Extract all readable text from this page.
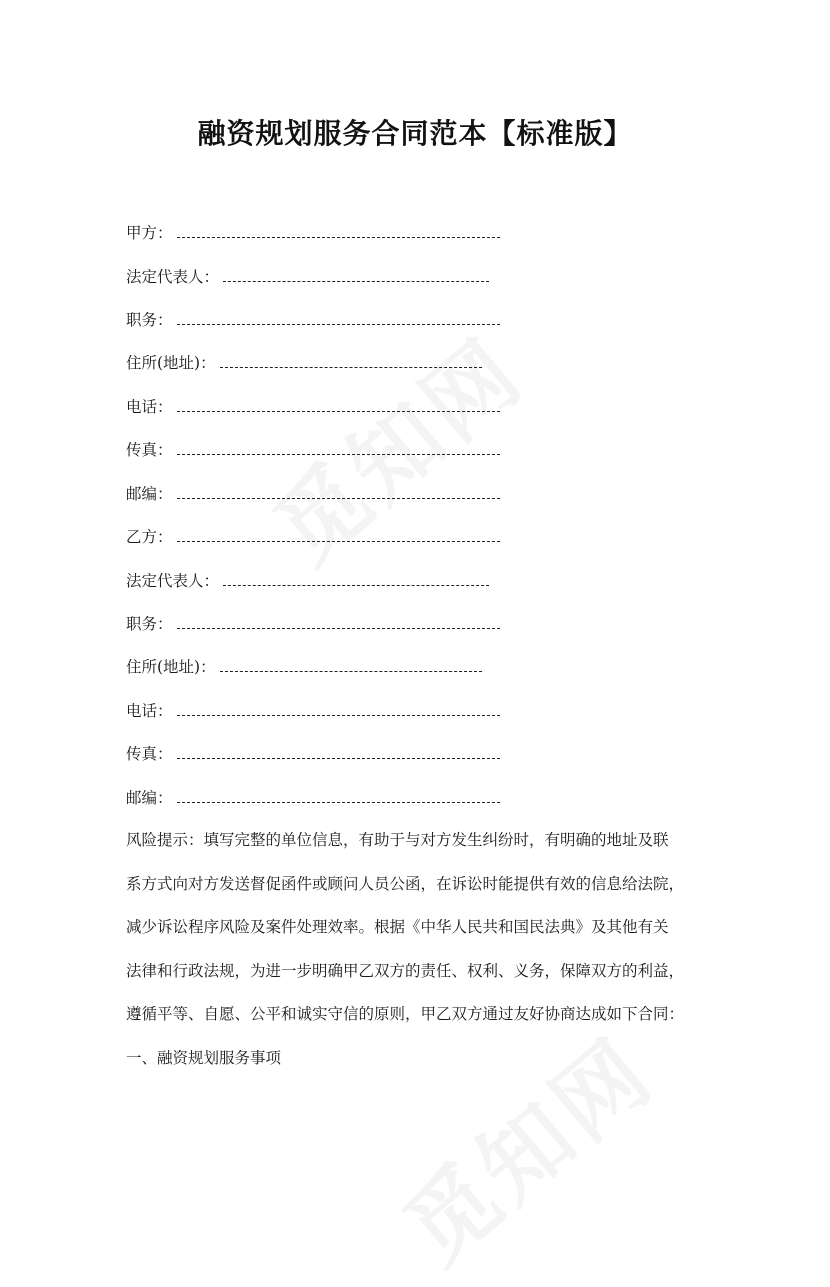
融资规划服务合同范本【标准版】
甲方：
法定代表人：
职务：
住所(地址)：
电话：
传真：
邮编：
乙方：
法定代表人：
职务：
住所(地址)：
电话：
传真：
邮编：
风险提示：填写完整的单位信息，有助于与对方发生纠纷时，有明确的地址及联
系方式向对方发送督促函件或顾问人员公函，在诉讼时能提供有效的信息给法院，
减少诉讼程序风险及案件处理效率。根据《中华人民共和国民法典》及其他有关
法律和行政法规，为进一步明确甲乙双方的责任、权利、义务，保障双方的利益，
遵循平等、自愿、公平和诚实守信的原则，甲乙双方通过友好协商达成如下合同：
一、融资规划服务事项
